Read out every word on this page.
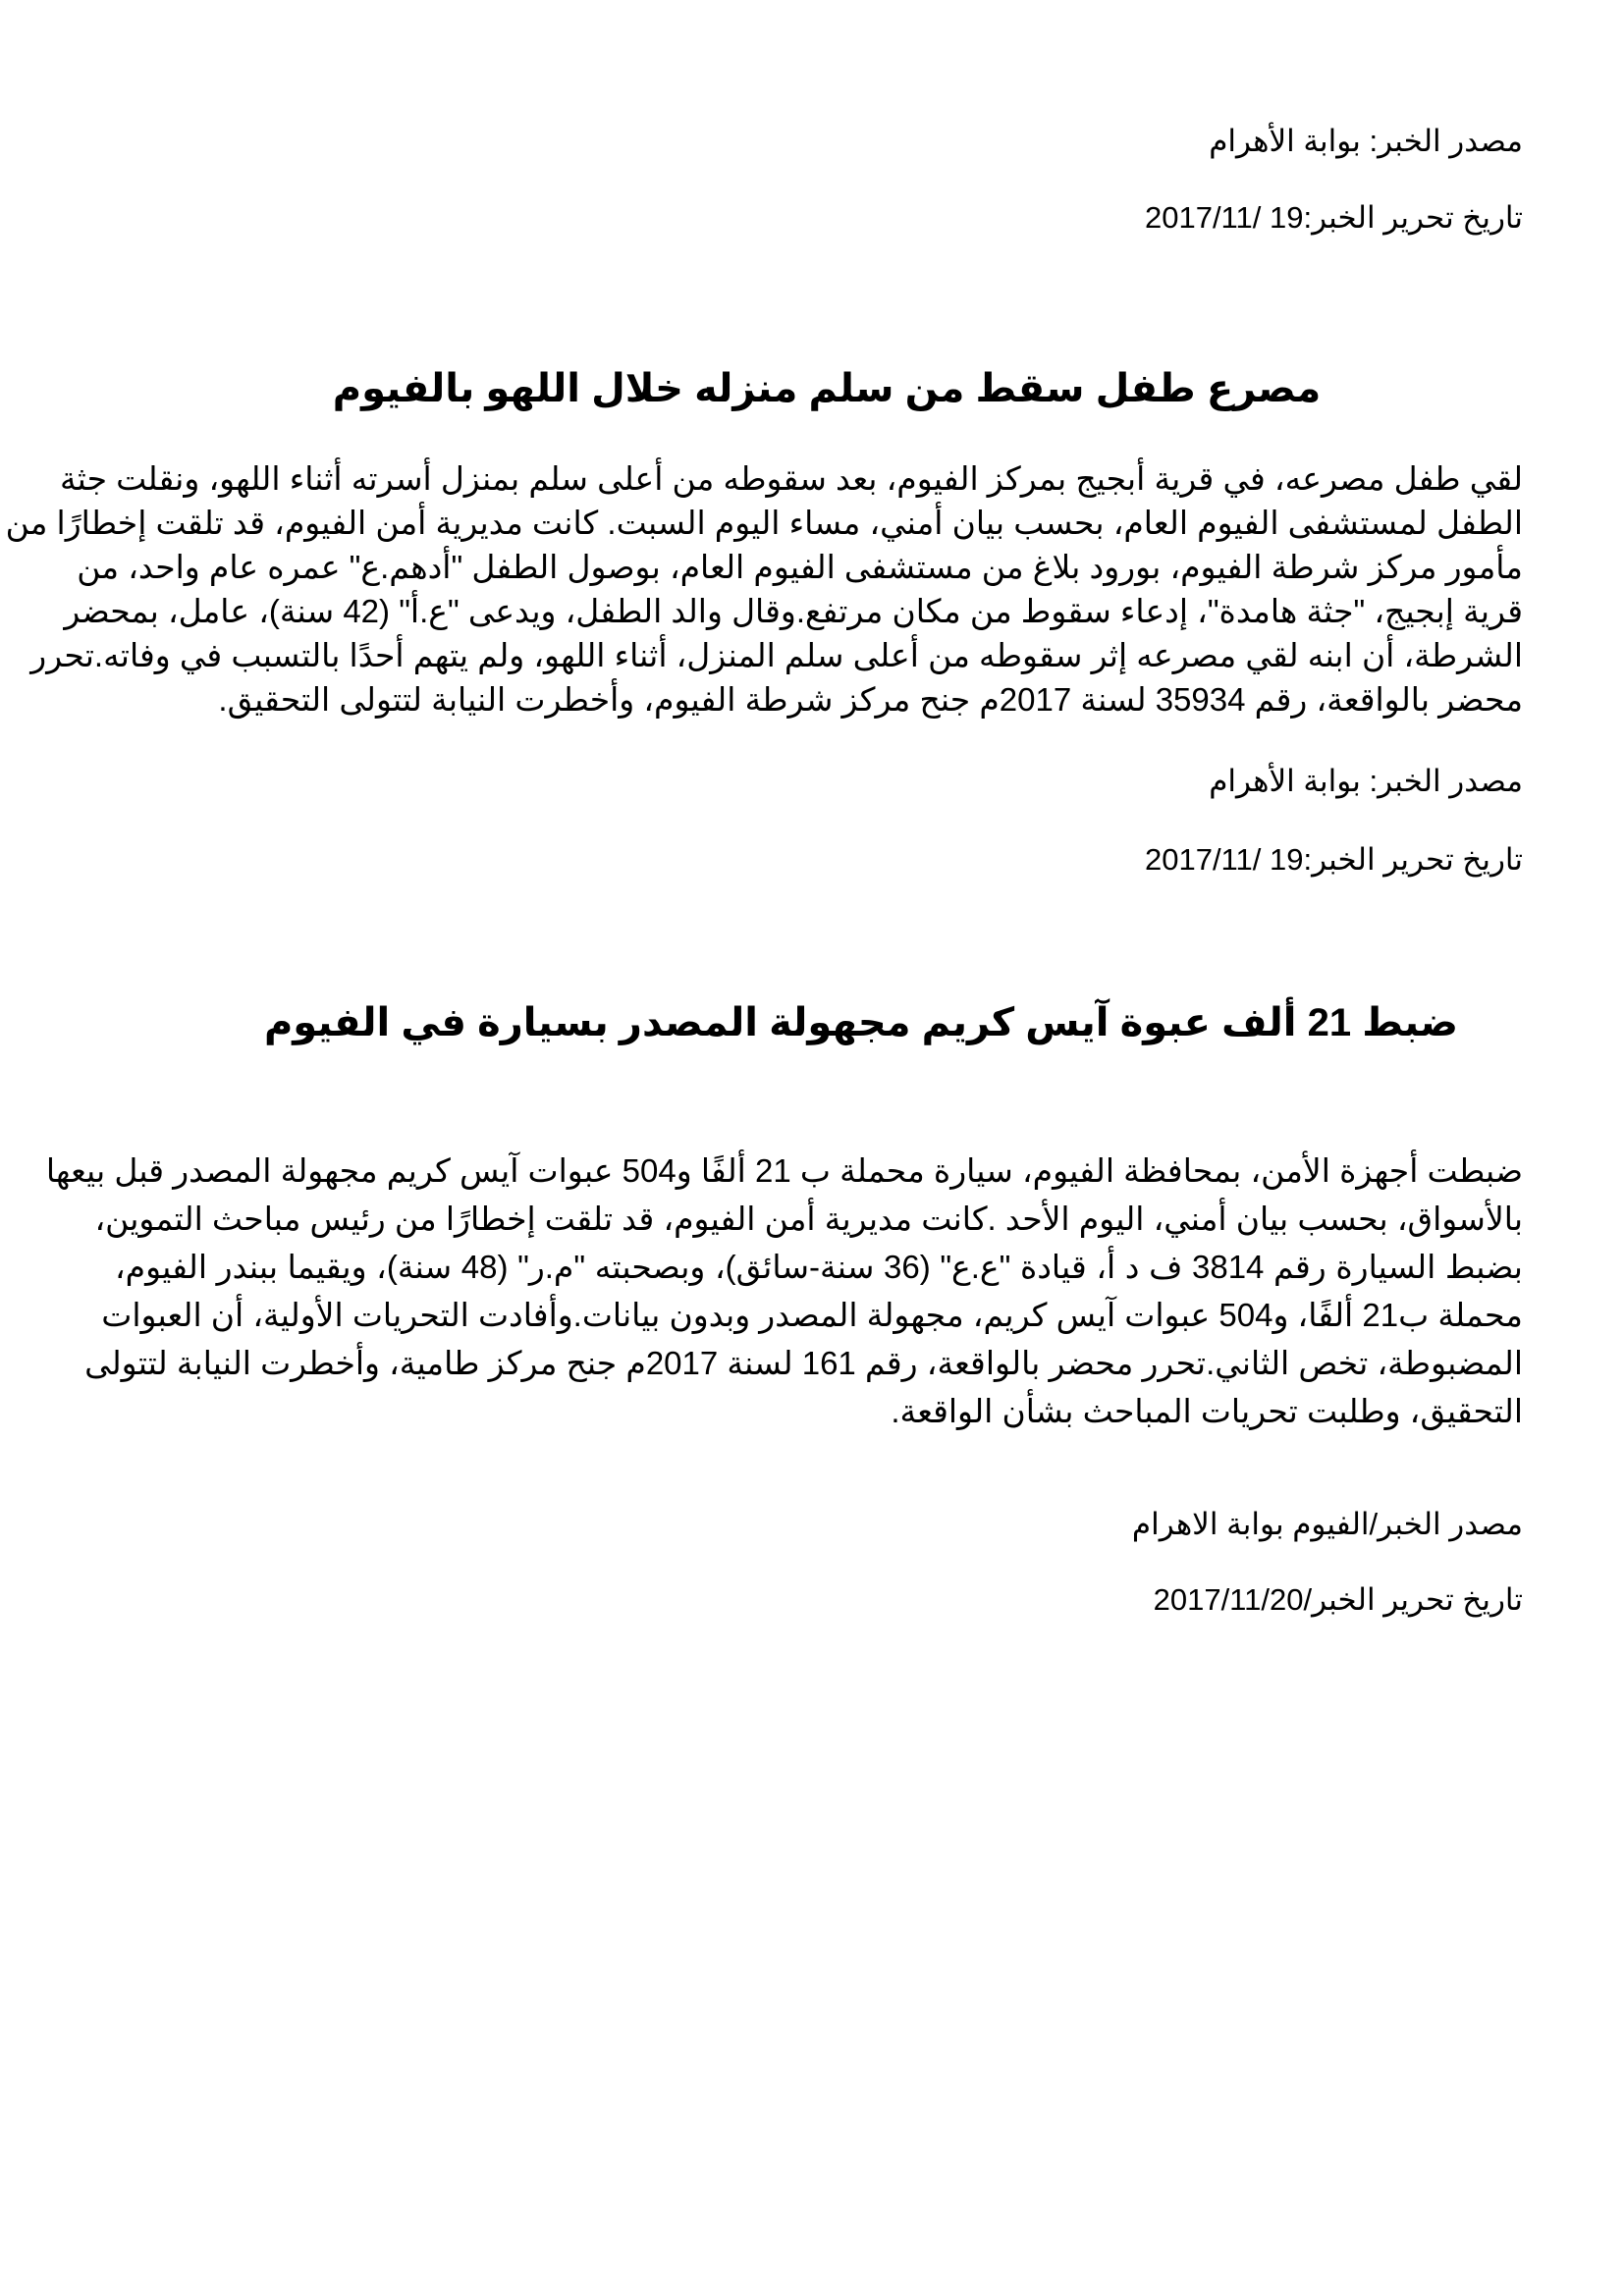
مصدر الخبر: بوابة الأهرام
تاريخ تحرير الخبر:19 /2017/11
مصرع طفل سقط من سلم منزله خلال اللهو بالفيوم
لقي طفل مصرعه، في قرية أبجيج بمركز الفيوم، بعد سقوطه من أعلى سلم بمنزل أسرته أثناء اللهو، ونقلت جثة
الطفل لمستشفى الفيوم العام، بحسب بيان أمني، مساء اليوم السبت. كانت مديرية أمن الفيوم، قد تلقت إخطارًا من
مأمور مركز شرطة الفيوم، بورود بلاغ من مستشفى الفيوم العام، بوصول الطفل "أدهم.ع" عمره عام واحد، من
قرية إبجيج، "جثة هامدة"، إدعاء سقوط من مكان مرتفع.وقال والد الطفل، ويدعى "ع.أ" (42 سنة)، عامل، بمحضر
الشرطة، أن ابنه لقي مصرعه إثر سقوطه من أعلى سلم المنزل، أثناء اللهو، ولم يتهم أحدًا بالتسبب في وفاته.تحرر
محضر بالواقعة، رقم 35934 لسنة 2017م جنح مركز شرطة الفيوم، وأخطرت النيابة لتتولى التحقيق.
مصدر الخبر: بوابة الأهرام
تاريخ تحرير الخبر:19 /2017/11
ضبط 21 ألف عبوة آيس كريم مجهولة المصدر بسيارة في الفيوم
ضبطت أجهزة الأمن، بمحافظة الفيوم، سيارة محملة ب 21 ألفًا و504 عبوات آيس كريم مجهولة المصدر قبل بيعها
بالأسواق، بحسب بيان أمني، اليوم الأحد .كانت مديرية أمن الفيوم، قد تلقت إخطارًا من رئيس مباحث التموين،
بضبط السيارة رقم 3814 ف د أ، قيادة "ع.ع" (36 سنة-سائق)، وبصحبته "م.ر" (48 سنة)، ويقيما ببندر الفيوم،
محملة ب21 ألفًا، و504 عبوات آيس كريم، مجهولة المصدر وبدون بيانات.وأفادت التحريات الأولية، أن العبوات
المضبوطة، تخص الثاني.تحرر محضر بالواقعة، رقم 161 لسنة 2017م جنح مركز طامية، وأخطرت النيابة لتتولى
التحقيق، وطلبت تحريات المباحث بشأن الواقعة.
مصدر الخبر/الفيوم بوابة الاهرام
تاريخ تحرير الخبر/2017/11/20
